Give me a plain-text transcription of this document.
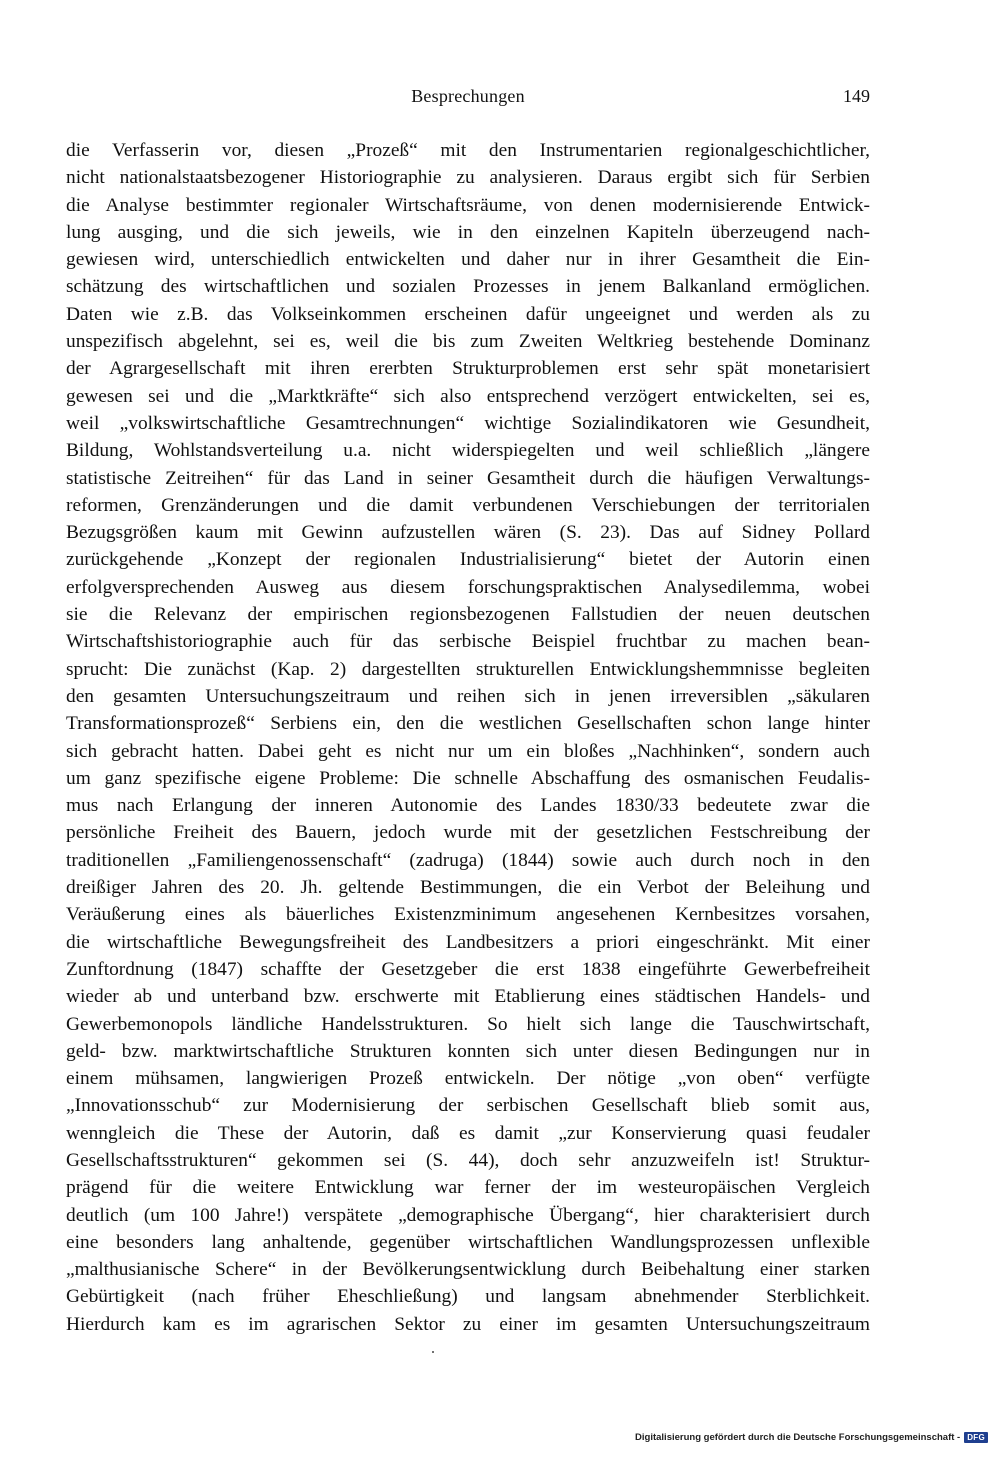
Besprechungen	149
die Verfasserin vor, diesen „Prozeß“ mit den Instrumentarien regionalgeschichtlicher,
nicht nationalstaatsbezogener Historiographie zu analysieren. Daraus ergibt sich für Serbien
die Analyse bestimmter regionaler Wirtschaftsräume, von denen modernisierende Entwick-
lung ausging, und die sich jeweils, wie in den einzelnen Kapiteln überzeugend nach-
gewiesen wird, unterschiedlich entwickelten und daher nur in ihrer Gesamtheit die Ein-
schätzung des wirtschaftlichen und sozialen Prozesses in jenem Balkanland ermöglichen.
Daten wie z.B. das Volkseinkommen erscheinen dafür ungeeignet und werden als zu
unspezifisch abgelehnt, sei es, weil die bis zum Zweiten Weltkrieg bestehende Dominanz
der Agrargesellschaft mit ihren ererbten Strukturproblemen erst sehr spät monetarisiert
gewesen sei und die „Marktkräfte“ sich also entsprechend verzögert entwickelten, sei es,
weil „volkswirtschaftliche Gesamtrechnungen“ wichtige Sozialindikatoren wie Gesundheit,
Bildung, Wohlstandsverteilung u.a. nicht widerspiegelten und weil schließlich „längere
statistische Zeitreihen“ für das Land in seiner Gesamtheit durch die häufigen Verwaltungs-
reformen, Grenzänderungen und die damit verbundenen Verschiebungen der territorialen
Bezugsgrößen kaum mit Gewinn aufzustellen wären (S. 23). Das auf Sidney Pollard
zurückgehende „Konzept der regionalen Industrialisierung“ bietet der Autorin einen
erfolgversprechenden Ausweg aus diesem forschungspraktischen Analysedilemma, wobei
sie die Relevanz der empirischen regionsbezogenen Fallstudien der neuen deutschen
Wirtschaftshistoriographie auch für das serbische Beispiel fruchtbar zu machen bean-
sprucht: Die zunächst (Kap. 2) dargestellten strukturellen Entwicklungshemmnisse begleiten
den gesamten Untersuchungszeitraum und reihen sich in jenen irreversiblen „säkularen
Transformationsprozeß“ Serbiens ein, den die westlichen Gesellschaften schon lange hinter
sich gebracht hatten. Dabei geht es nicht nur um ein bloßes „Nachhinken“, sondern auch
um ganz spezifische eigene Probleme: Die schnelle Abschaffung des osmanischen Feudalis-
mus nach Erlangung der inneren Autonomie des Landes 1830/33 bedeutete zwar die
persönliche Freiheit des Bauern, jedoch wurde mit der gesetzlichen Festschreibung der
traditionellen „Familiengenossenschaft“ (zadruga) (1844) sowie auch durch noch in den
dreißiger Jahren des 20. Jh. geltende Bestimmungen, die ein Verbot der Beleihung und
Veräußerung eines als bäuerliches Existenzminimum angesehenen Kernbesitzes vorsahen,
die wirtschaftliche Bewegungsfreiheit des Landbesitzers a priori eingeschränkt. Mit einer
Zunftordnung (1847) schaffte der Gesetzgeber die erst 1838 eingeführte Gewerbefreiheit
wieder ab und unterband bzw. erschwerte mit Etablierung eines städtischen Handels- und
Gewerbemonopols ländliche Handelsstrukturen. So hielt sich lange die Tauschwirtschaft,
geld- bzw. marktwirtschaftliche Strukturen konnten sich unter diesen Bedingungen nur in
einem mühsamen, langwierigen Prozeß entwickeln. Der nötige „von oben“ verfügte
„Innovationsschub“ zur Modernisierung der serbischen Gesellschaft blieb somit aus,
wenngleich die These der Autorin, daß es damit „zur Konservierung quasi feudaler
Gesellschaftsstrukturen“ gekommen sei (S. 44), doch sehr anzuzweifeln ist! Struktur-
prägend für die weitere Entwicklung war ferner der im westeuropäischen Vergleich
deutlich (um 100 Jahre!) verspätete „demographische Übergang“, hier charakterisiert durch
eine besonders lang anhaltende, gegenüber wirtschaftlichen Wandlungsprozessen unflexible
„malthusianische Schere“ in der Bevölkerungsentwicklung durch Beibehaltung einer starken
Gebürtigkeit (nach früher Eheschließung) und langsam abnehmender Sterblichkeit.
Hierdurch kam es im agrarischen Sektor zu einer im gesamten Untersuchungszeitraum
Digitalisierung gefördert durch die Deutsche Forschungsgemeinschaft - DFG
